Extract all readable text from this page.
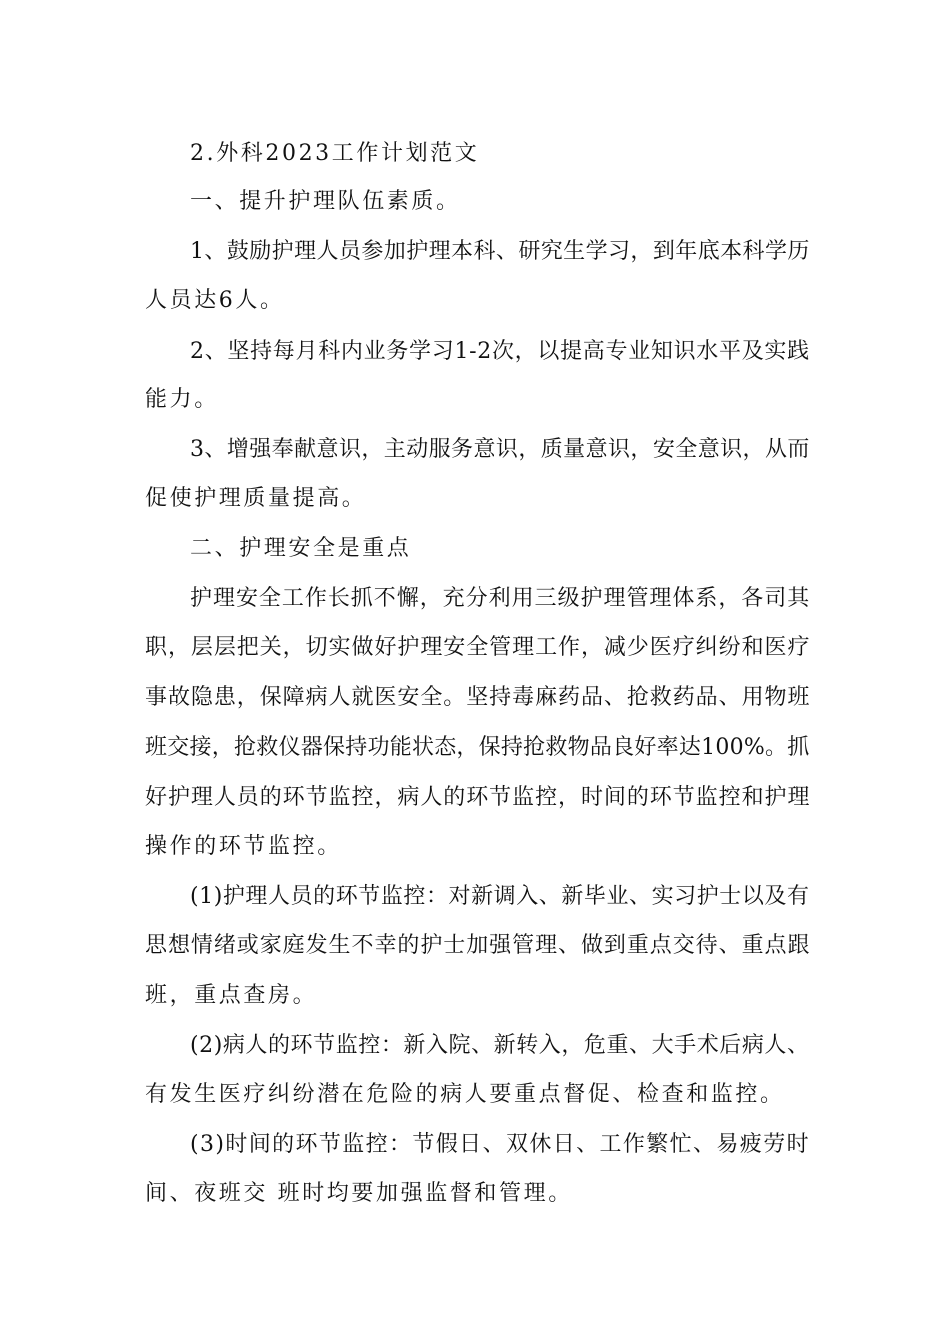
2.外科2023工作计划范文
一、提升护理队伍素质。
1、鼓励护理人员参加护理本科、研究生学习，到年底本科学历
人员达6人。
2、坚持每月科内业务学习1-2次，以提高专业知识水平及实践
能力。
3、增强奉献意识，主动服务意识，质量意识，安全意识，从而
促使护理质量提高。
二、护理安全是重点
护理安全工作长抓不懈，充分利用三级护理管理体系，各司其
职，层层把关，切实做好护理安全管理工作，减少医疗纠纷和医疗
事故隐患，保障病人就医安全。坚持毒麻药品、抢救药品、用物班
班交接，抢救仪器保持功能状态，保持抢救物品良好率达100%。抓
好护理人员的环节监控，病人的环节监控，时间的环节监控和护理
操作的环节监控。
(1)护理人员的环节监控：对新调入、新毕业、实习护士以及有
思想情绪或家庭发生不幸的护士加强管理、做到重点交待、重点跟
班，重点查房。
(2)病人的环节监控：新入院、新转入，危重、大手术后病人、
有发生医疗纠纷潜在危险的病人要重点督促、检查和监控。
(3)时间的环节监控：节假日、双休日、工作繁忙、易疲劳时
间、夜班交 班时均要加强监督和管理。
